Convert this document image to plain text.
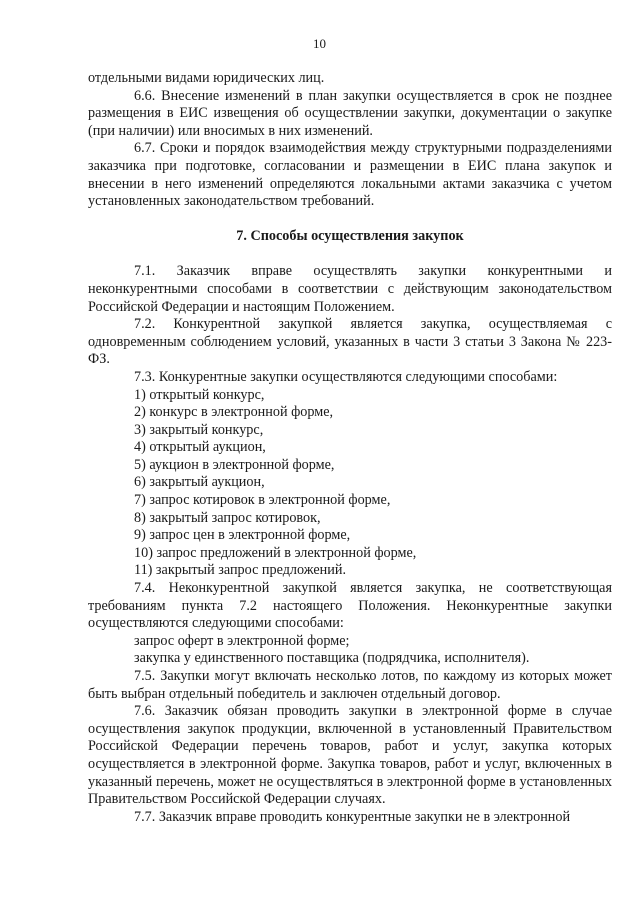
10

отдельными видами юридических лиц.

6.6. Внесение изменений в план закупки осуществляется в срок не позднее размещения в ЕИС извещения об осуществлении закупки, документации о закупке (при наличии) или вносимых в них изменений.

6.7. Сроки и порядок взаимодействия между структурными подразделениями заказчика при подготовке, согласовании и размещении в ЕИС плана закупок и внесении в него изменений определяются локальными актами заказчика с учетом установленных законодательством требований.

7. Способы осуществления закупок

7.1. Заказчик вправе осуществлять закупки конкурентными и неконкурентными способами в соответствии с действующим законодательством Российской Федерации и настоящим Положением.

7.2. Конкурентной закупкой является закупка, осуществляемая с одновременным соблюдением условий, указанных в части 3 статьи 3 Закона № 223-ФЗ.

7.3. Конкурентные закупки осуществляются следующими способами:

1) открытый конкурс,

2) конкурс в электронной форме,

3) закрытый конкурс,

4) открытый аукцион,

5) аукцион в электронной форме,

6) закрытый аукцион,

7) запрос котировок в электронной форме,

8) закрытый запрос котировок,

9) запрос цен в электронной форме,

10) запрос предложений в электронной форме,

11) закрытый запрос предложений.

7.4. Неконкурентной закупкой является закупка, не соответствующая требованиям пункта 7.2 настоящего Положения. Неконкурентные закупки осуществляются следующими способами:

запрос оферт в электронной форме;

закупка у единственного поставщика (подрядчика, исполнителя).

7.5. Закупки могут включать несколько лотов, по каждому из которых может быть выбран отдельный победитель и заключен отдельный договор.

7.6. Заказчик обязан проводить закупки в электронной форме в случае осуществления закупок продукции, включенной в установленный Правительством Российской Федерации перечень товаров, работ и услуг, закупка которых осуществляется в электронной форме. Закупка товаров, работ и услуг, включенных в указанный перечень, может не осуществляться в электронной форме в установленных Правительством Российской Федерации случаях.

7.7. Заказчик вправе проводить конкурентные закупки не в электронной
